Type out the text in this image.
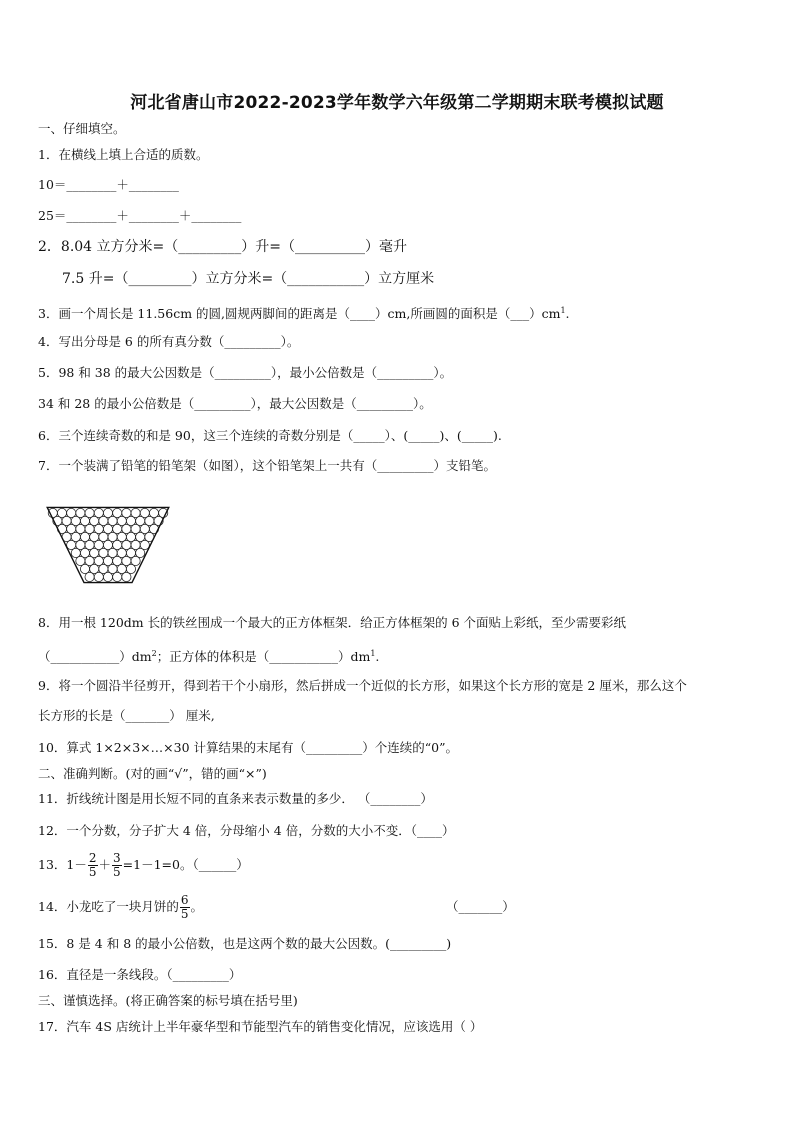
河北省唐山市2022-2023学年数学六年级第二学期期末联考模拟试题
一、仔细填空。
1．在横线上填上合适的质数。
10＝________＋________
25＝________＋________＋________
2．8.04 立方分米=（_________）升=（__________）毫升
7.5 升=（_________）立方分米=（___________）立方厘米
3．画一个周长是 11.56cm 的圆,圆规两脚间的距离是（____）cm,所画圆的面积是$(\_\_\_)cm^1$.
4．写出分母是 6 的所有真分数（_________）。
5．98 和 38 的最大公因数是（_________），最小公倍数是（_________）。
34 和 28 的最小公倍数是（_________），最大公因数是（_________）。
6．三个连续奇数的和是 90，这三个连续的奇数分别是（_____）、(_____)、(_____).
7．一个装满了铅笔的铅笔架（如图），这个铅笔架上一共有（_________）支铅笔。
8．用一根 120dm 长的铁丝围成一个最大的正方体框架．给正方体框架的 6 个面贴上彩纸，至少需要彩纸
$(\_\_\_\_\_\_\_\_\_\_\_)dm^2$；正方体的体积是$(\_\_\_\_\_\_\_\_\_\_\_)dm^1$.
9．将一个圆沿半径剪开，得到若干个小扇形，然后拼成一个近似的长方形，如果这个长方形的宽是 2 厘米，那么这个
长方形的长是（_______） 厘米,
10．算式 1×2×3×…×30 计算结果的末尾有（_________）个连续的“0”。
二、准确判断。(对的画“√”，错的画“×”)
11．折线统计图是用长短不同的直条来表示数量的多少． （________）
12．一个分数，分子扩大 4 倍，分母缩小 4 倍，分数的大小不变．（____）
13．$1- \frac{2}{5} + \frac{3}{5} =1-1=0$。（______）
14．小龙吃了一块月饼的 $\frac{6}{5}$ 。	（_______）
15．8 是 4 和 8 的最小公倍数，也是这两个数的最大公因数。(_________)
16．直径是一条线段。（_________）
三、谨慎选择。(将正确答案的标号填在括号里)
17．汽车 4S 店统计上半年豪华型和节能型汽车的销售变化情况，应该选用（ ）
